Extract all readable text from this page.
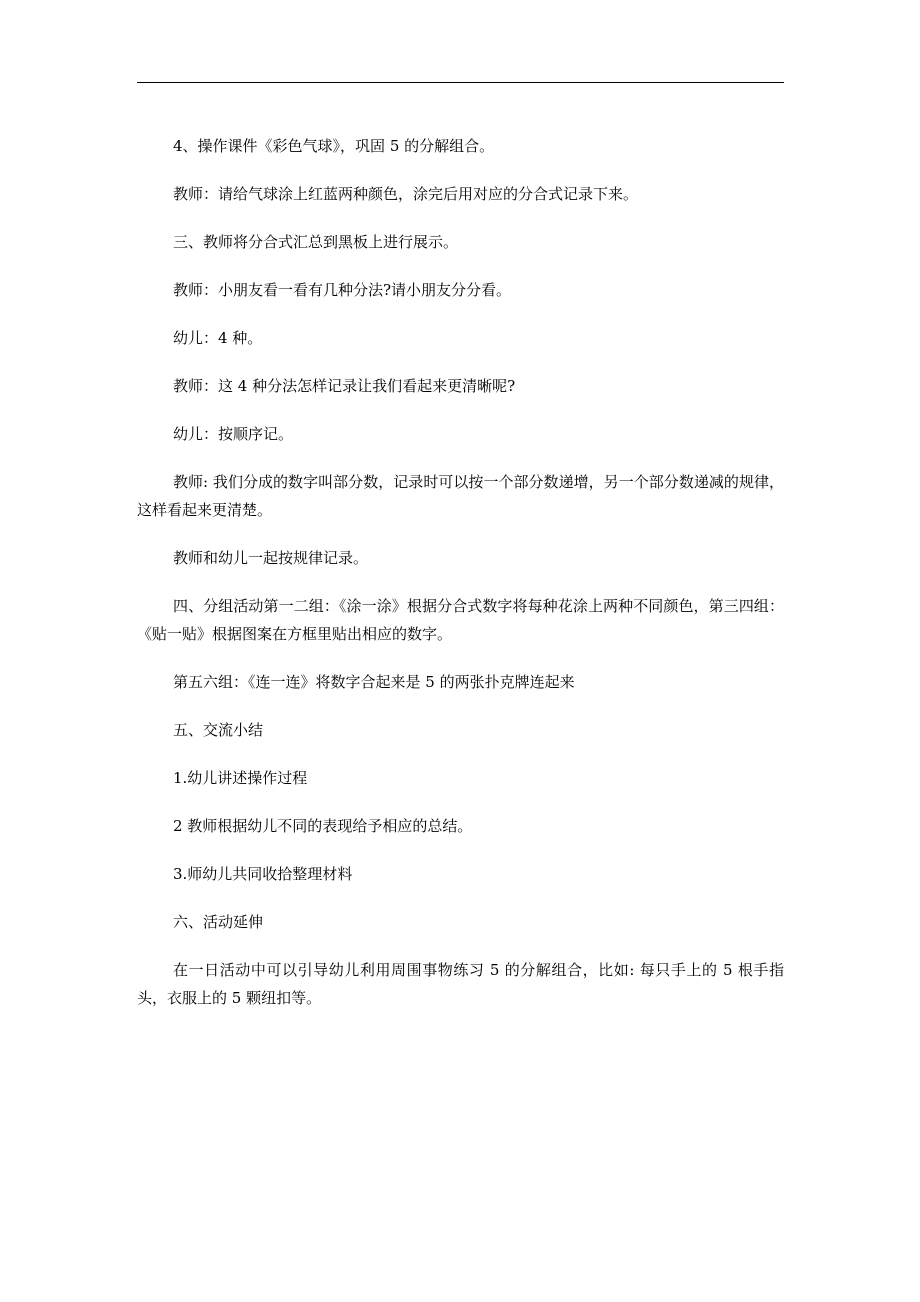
4、操作课件《彩色气球》，巩固 5 的分解组合。

教师：请给气球涂上红蓝两种颜色，涂完后用对应的分合式记录下来。

三、教师将分合式汇总到黑板上进行展示。

教师：小朋友看一看有几种分法?请小朋友分分看。

幼儿：4 种。

教师：这 4 种分法怎样记录让我们看起来更清晰呢?

幼儿：按顺序记。

教师: 我们分成的数字叫部分数，记录时可以按一个部分数递增，另一个部分数递减的规律，这样看起来更清楚。

教师和幼儿一起按规律记录。

四、分组活动第一二组：《涂一涂》根据分合式数字将每种花涂上两种不同颜色，第三四组：《贴一贴》根据图案在方框里贴出相应的数字。

第五六组：《连一连》将数字合起来是 5 的两张扑克牌连起来

五、交流小结

1.幼儿讲述操作过程

2 教师根据幼儿不同的表现给予相应的总结。

3.师幼儿共同收拾整理材料

六、活动延伸

在一日活动中可以引导幼儿利用周围事物练习 5 的分解组合，比如: 每只手上的 5 根手指头，衣服上的 5 颗纽扣等。
